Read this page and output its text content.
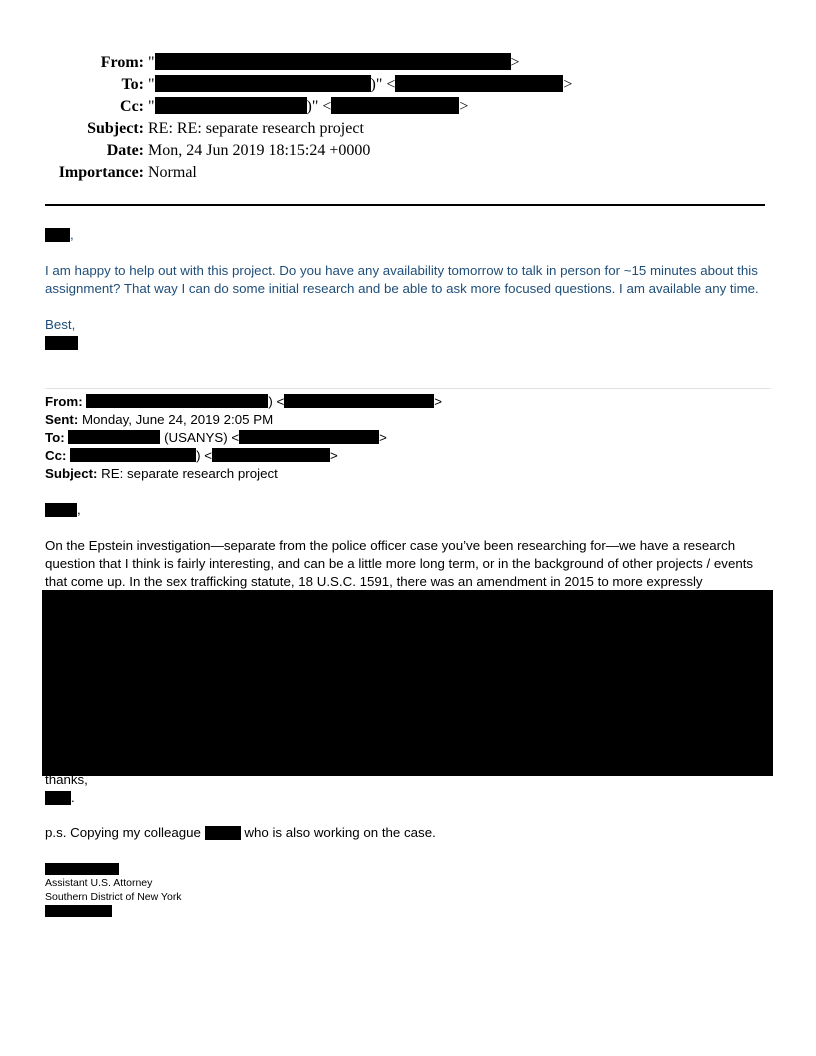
From: "	>
To: "	)" <	>
Cc: "	)" <	>
Subject: RE: RE: separate research project
Date: Mon, 24 Jun 2019 18:15:24 +0000
Importance: Normal

,

I am happy to help out with this project. Do you have any availability tomorrow to talk in person for ~15 minutes about this assignment? That way I can do some initial research and be able to ask more focused questions. I am available any time.

Best,

From:	) <	>
Sent: Monday, June 24, 2019 2:05 PM
To:	(USANYS) <	>
Cc:	) <	>
Subject: RE: separate research project

,

On the Epstein investigation—separate from the police officer case you’ve been researching for—we have a research question that I think is fairly interesting, and can be a little more long term, or in the background of other projects / events that come up. In the sex trafficking statute, 18 U.S.C. 1591, there was an amendment in 2015 to more expressly

thanks,
.
p.s. Copying my colleague	who is also working on the case.
Assistant U.S. Attorney
Southern District of New York
